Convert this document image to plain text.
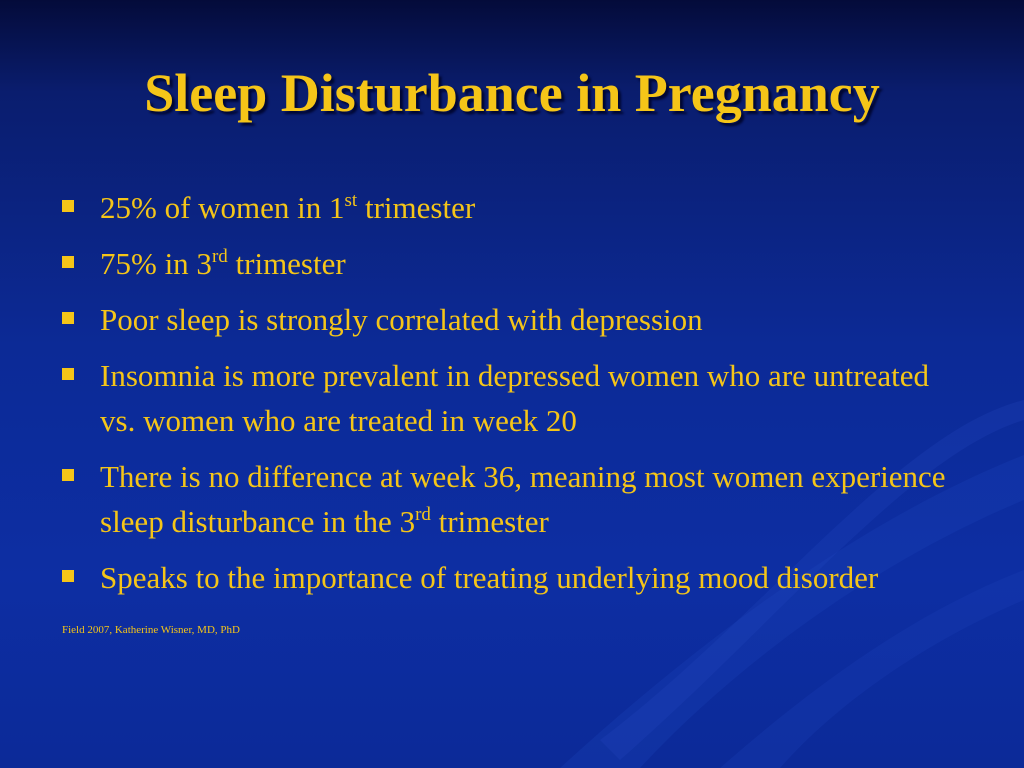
Sleep Disturbance in Pregnancy
25% of women in 1st trimester
75% in 3rd trimester
Poor sleep is strongly correlated with depression
Insomnia is more prevalent in depressed women who are untreated vs. women who are treated in week 20
There is no difference at week 36, meaning most women experience sleep disturbance in the 3rd trimester
Speaks to the importance of treating underlying mood disorder

Field 2007, Katherine Wisner, MD, PhD
